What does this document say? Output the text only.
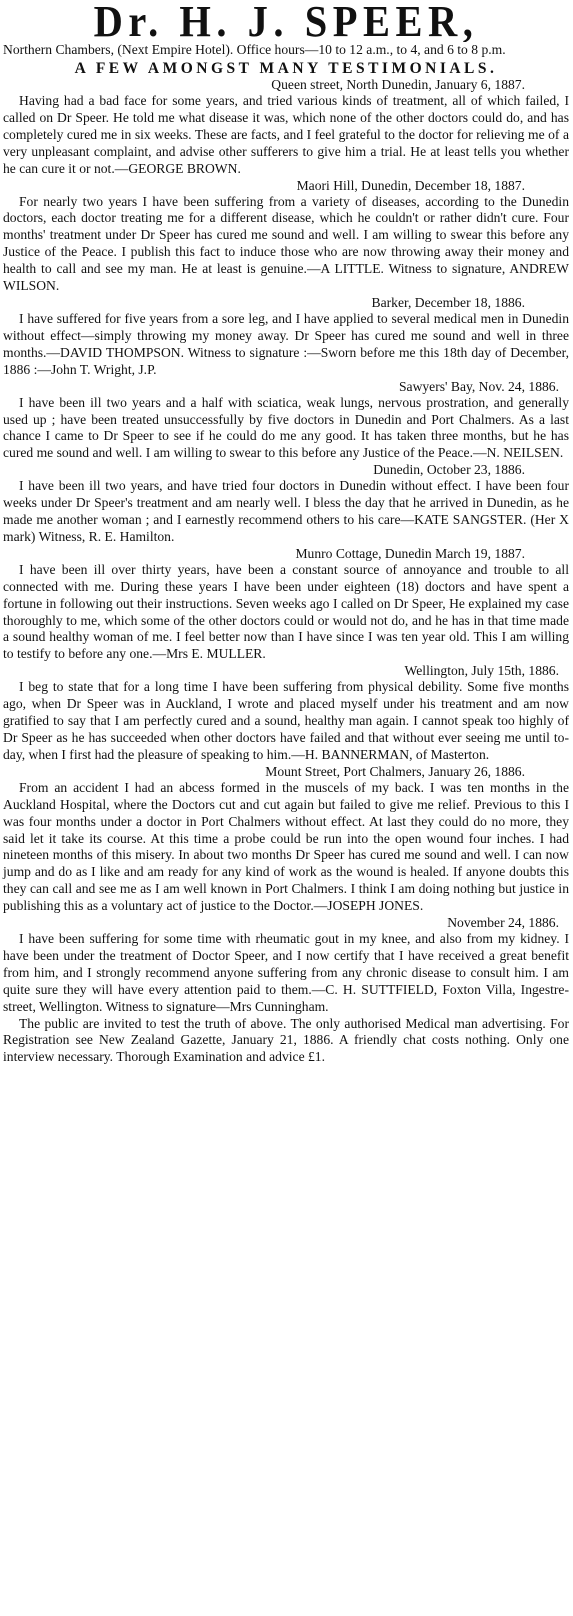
Dr. H. J. SPEER,

Northern Chambers, (Next Empire Hotel). Office hours—10 to 12 a.m., to 4, and 6 to 8 p.m.

A FEW AMONGST MANY TESTIMONIALS.

Queen street, North Dunedin, January 6, 1887.

Having had a bad face for some years, and tried various kinds of treatment, all of which failed, I called on Dr Speer. He told me what disease it was, which none of the other doctors could do, and has completely cured me in six weeks. These are facts, and I feel grateful to the doctor for relieving me of a very unpleasant complaint, and advise other sufferers to give him a trial. He at least tells you whether he can cure it or not.—GEORGE BROWN.

Maori Hill, Dunedin, December 18, 1887.

For nearly two years I have been suffering from a variety of diseases, according to the Dunedin doctors, each doctor treating me for a different disease, which he couldn't or rather didn't cure. Four months' treatment under Dr Speer has cured me sound and well. I am willing to swear this before any Justice of the Peace. I publish this fact to induce those who are now throwing away their money and health to call and see my man. He at least is genuine.—A LITTLE. Witness to signature, ANDREW WILSON.

Barker, December 18, 1886.

I have suffered for five years from a sore leg, and I have applied to several medical men in Dunedin without effect—simply throwing my money away. Dr Speer has cured me sound and well in three months.—DAVID THOMPSON. Witness to signature :—Sworn before me this 18th day of December, 1886 :—John T. Wright, J.P.

Sawyers' Bay, Nov. 24, 1886.

I have been ill two years and a half with sciatica, weak lungs, nervous prostration, and generally used up ; have been treated unsuccessfully by five doctors in Dunedin and Port Chalmers. As a last chance I came to Dr Speer to see if he could do me any good. It has taken three months, but he has cured me sound and well. I am willing to swear to this before any Justice of the Peace.—N. NEILSEN.

Dunedin, October 23, 1886.

I have been ill two years, and have tried four doctors in Dunedin without effect. I have been four weeks under Dr Speer's treatment and am nearly well. I bless the day that he arrived in Dunedin, as he made me another woman ; and I earnestly recommend others to his care—KATE SANGSTER. (Her X mark) Witness, R. E. Hamilton.

Munro Cottage, Dunedin March 19, 1887.

I have been ill over thirty years, have been a constant source of annoyance and trouble to all connected with me. During these years I have been under eighteen (18) doctors and have spent a fortune in following out their instructions. Seven weeks ago I called on Dr Speer, He explained my case thoroughly to me, which some of the other doctors could or would not do, and he has in that time made a sound healthy woman of me. I feel better now than I have since I was ten year old. This I am willing to testify to before any one.—Mrs E. MULLER.

Wellington, July 15th, 1886.

I beg to state that for a long time I have been suffering from physical debility. Some five months ago, when Dr Speer was in Auckland, I wrote and placed myself under his treatment and am now gratified to say that I am perfectly cured and a sound, healthy man again. I cannot speak too highly of Dr Speer as he has succeeded when other doctors have failed and that without ever seeing me until to-day, when I first had the pleasure of speaking to him.—H. BANNERMAN, of Masterton.

Mount Street, Port Chalmers, January 26, 1886.

From an accident I had an abcess formed in the muscels of my back. I was ten months in the Auckland Hospital, where the Doctors cut and cut again but failed to give me relief. Previous to this I was four months under a doctor in Port Chalmers without effect. At last they could do no more, they said let it take its course. At this time a probe could be run into the open wound four inches. I had nineteen months of this misery. In about two months Dr Speer has cured me sound and well. I can now jump and do as I like and am ready for any kind of work as the wound is healed. If anyone doubts this they can call and see me as I am well known in Port Chalmers. I think I am doing nothing but justice in publishing this as a voluntary act of justice to the Doctor.—JOSEPH JONES.

November 24, 1886.

I have been suffering for some time with rheumatic gout in my knee, and also from my kidney. I have been under the treatment of Doctor Speer, and I now certify that I have received a great benefit from him, and I strongly recommend anyone suffering from any chronic disease to consult him. I am quite sure they will have every attention paid to them.—C. H. SUTTFIELD, Foxton Villa, Ingestre-street, Wellington. Witness to signature—Mrs Cunningham.

The public are invited to test the truth of above. The only authorised Medical man advertising. For Registration see New Zealand Gazette, January 21, 1886. A friendly chat costs nothing. Only one interview necessary. Thorough Examination and advice £1.
